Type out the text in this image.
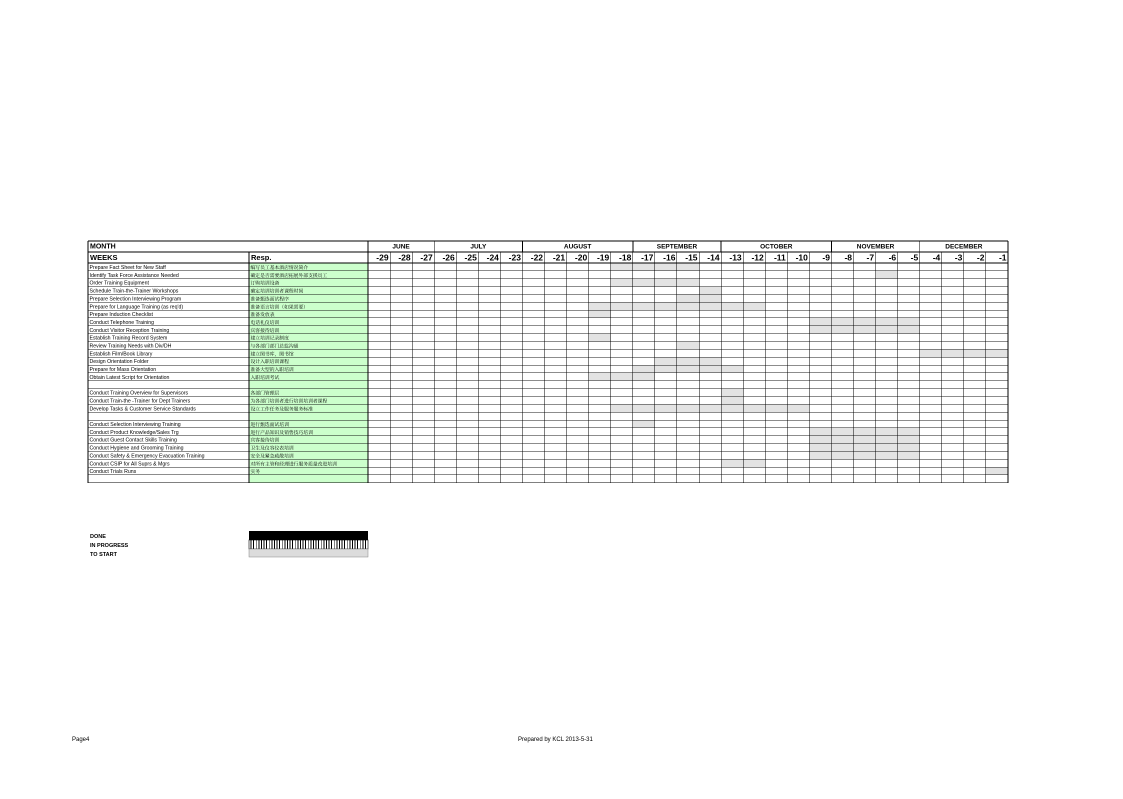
MONTH	JUNE	JULY	AUGUST	SEPTEMBER	OCTOBER	NOVEMBER	DECEMBER
WEEKS	Resp.	-29 -28 -27 -26 -25 -24 -23 -22 -21 -20 -19 -18 -17 -16 -15 -14 -13 -12 -11 -10 -9 -8 -7 -6 -5 -4 -3 -2 -1
Prepare Fact Sheet for New Staff	编写员工基本酒店情况简介
Identify Task Force Assistance Needed	确定是否需要酒店拓展外部支援员工
Order Training Equipment	订购培训设备
Schedule Train-the-Trainer Workshops	确定培训培训者课程时间
Prepare Selection Interviewing Program	准备甄选面试程序
Prepare for Language Training (as req'd)	准备语言培训（如果需要）
Prepare Induction Checklist	准备发放表
Conduct Telephone Training	电话礼仪培训
Conduct Visitor Reception Training	宾客接待培训
Establish Training Record System	建立培训记录制度
Review Training Needs with Div/DH	与各部门部门总监沟通
Establish Film/Book Library	建立图书库，图书馆
Design Orientation Folder	设计入职培训课程
Prepare for Mass Orientation	准备大型的入职培训
Obtain Latest Script for Orientation	入职培训考试
Conduct Training Overview for Supervisors	各部门管理层
Conduct Train-the -Trainer for Dept Trainers	为各部门培训者进行培训培训者课程
Develop Tasks & Customer Service Standards	设立工作任务及服务服务标准
Conduct Selection Interviewing Training	进行甄选面试培训
Conduct Product Knowledge/Sales Trg	进行产品知识及销售技巧培训
Conduct Guest Contact Skills Training	宾客接待培训
Conduct Hygiene and Grooming Training	卫生及仪容仪表培训
Conduct Safety & Emergency Evacuation Training	安全及紧急疏散培训
Conduct CSIP for All Suprs & Mgrs	对所有主管和经理进行服务质量改进培训
Conduct Trials Runs	实务
DONE
IN PROGRESS
TO START
Page4	Prepared by KCL 2013-5-31
